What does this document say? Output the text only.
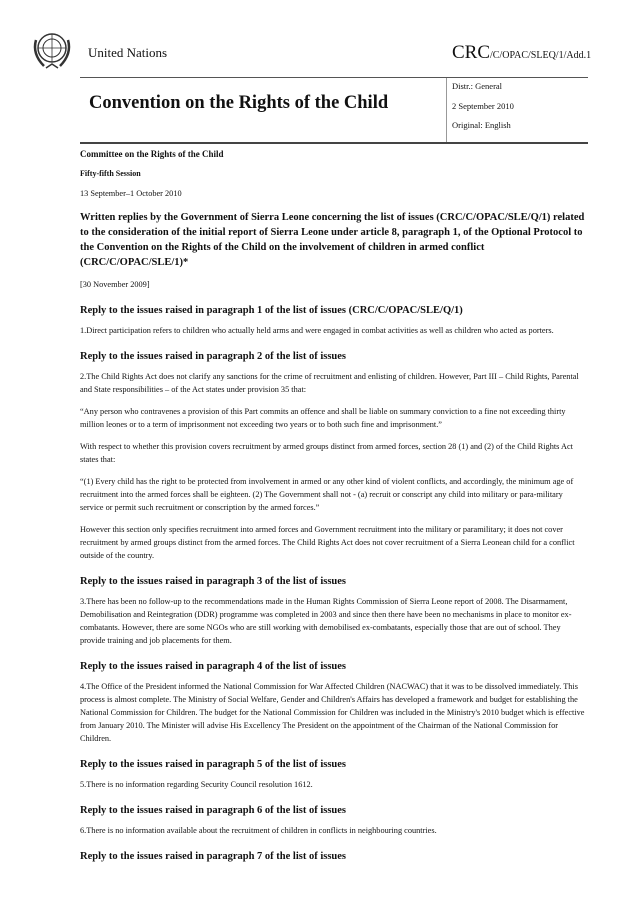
United Nations	CRC/C/OPAC/SLEQ/1/Add.1
Convention on the Rights of the Child
Distr.: General
2 September 2010
Original: English

Committee on the Rights of the Child

Fifty-fifth Session

13 September–1 October 2010

Written replies by the Government of Sierra Leone concerning the list of issues (CRC/C/OPAC/SLE/Q/1) related to the consideration of the initial report of Sierra Leone under article 8, paragraph 1, of the Optional Protocol to the Convention on the Rights of the Child on the involvement of children in armed conflict (CRC/C/OPAC/SLE/1)*

[30 November 2009]

Reply to the issues raised in paragraph 1 of the list of issues (CRC/C/OPAC/SLE/Q/1)

1.Direct participation refers to children who actually held arms and were engaged in combat activities as well as children who acted as porters.

Reply to the issues raised in paragraph 2 of the list of issues

2.The Child Rights Act does not clarify any sanctions for the crime of recruitment and enlisting of children. However, Part III – Child Rights, Parental and State responsibilities – of the Act states under provision 35 that:

“Any person who contravenes a provision of this Part commits an offence and shall be liable on summary conviction to a fine not exceeding thirty million leones or to a term of imprisonment not exceeding two years or to both such fine and imprisonment.”

With respect to whether this provision covers recruitment by armed groups distinct from armed forces, section 28 (1) and (2) of the Child Rights Act states that:

“(1) Every child has the right to be protected from involvement in armed or any other kind of violent conflicts, and accordingly, the minimum age of recruitment into the armed forces shall be eighteen. (2) The Government shall not - (a) recruit or conscript any child into military or para-military service or permit such recruitment or conscription by the armed forces.”

However this section only specifies recruitment into armed forces and Government recruitment into the military or paramilitary; it does not cover recruitment by armed groups distinct from the armed forces. The Child Rights Act does not cover recruitment of a Sierra Leonean child for a conflict outside of the country.

Reply to the issues raised in paragraph 3 of the list of issues

3.There has been no follow-up to the recommendations made in the Human Rights Commission of Sierra Leone report of 2008. The Disarmament, Demobilisation and Reintegration (DDR) programme was completed in 2003 and since then there have been no mechanisms in place to monitor ex-combatants. However, there are some NGOs who are still working with demobilised ex-combatants, especially those that are out of school. They provide training and job placements for them.

Reply to the issues raised in paragraph 4 of the list of issues

4.The Office of the President informed the National Commission for War Affected Children (NACWAC) that it was to be dissolved immediately. This process is almost complete. The Ministry of Social Welfare, Gender and Children's Affairs has developed a framework and budget for establishing the National Commission for Children. The budget for the National Commission for Children was included in the Ministry's 2010 budget which is effective from January 2010. The Minister will advise His Excellency The President on the appointment of the Chairman of the National Commission for Children.

Reply to the issues raised in paragraph 5 of the list of issues

5.There is no information regarding Security Council resolution 1612.

Reply to the issues raised in paragraph 6 of the list of issues

6.There is no information available about the recruitment of children in conflicts in neighbouring countries.

Reply to the issues raised in paragraph 7 of the list of issues
